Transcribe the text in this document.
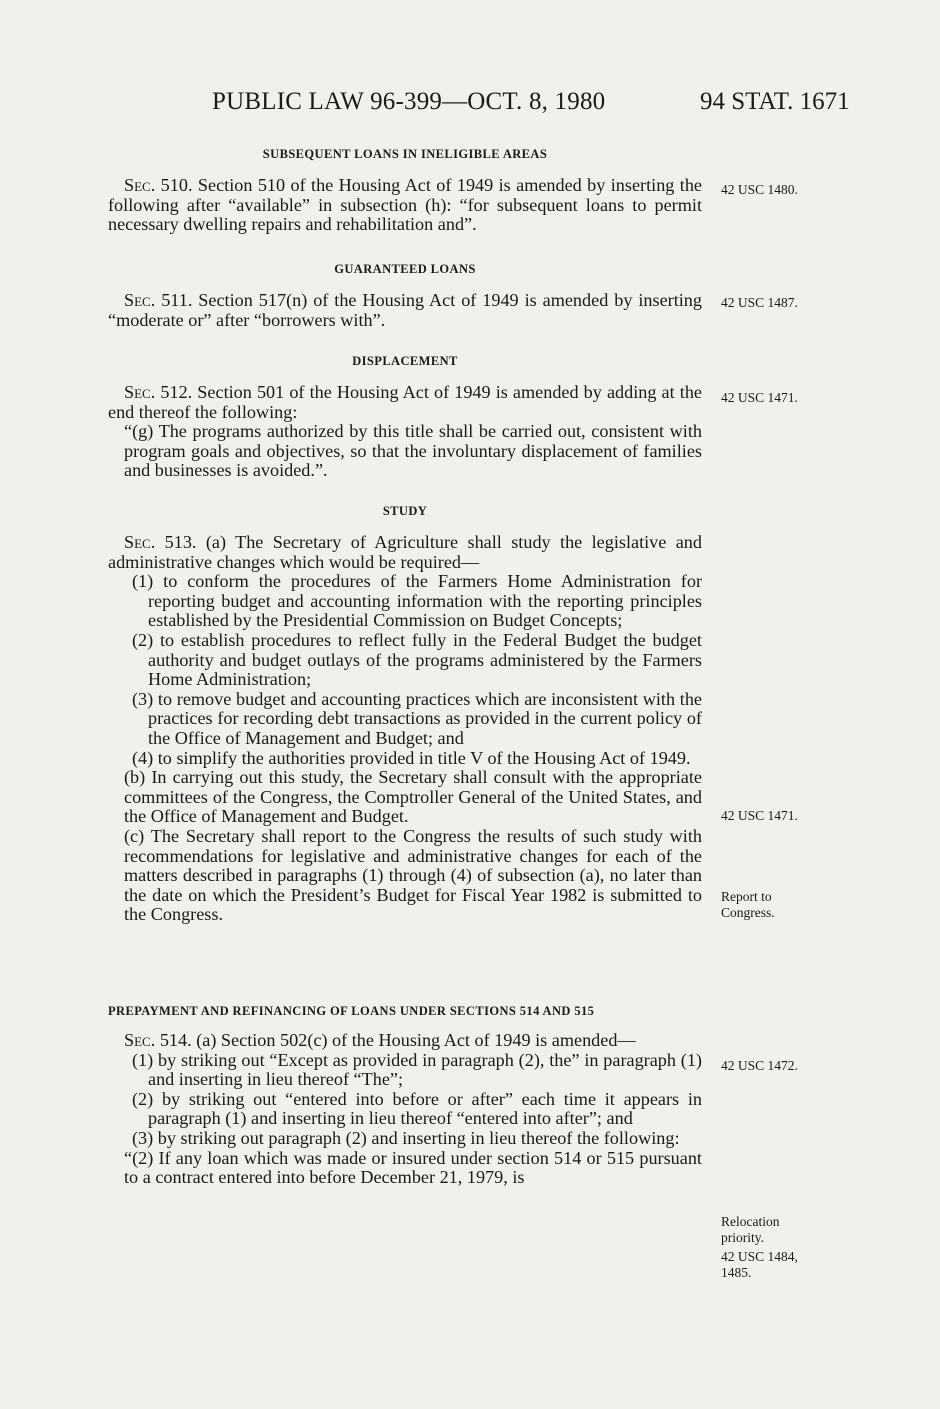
PUBLIC LAW 96-399—OCT. 8, 1980	94 STAT. 1671
SUBSEQUENT LOANS IN INELIGIBLE AREAS

Sec. 510. Section 510 of the Housing Act of 1949 is amended by inserting the following after “available” in subsection (h): “for subsequent loans to permit necessary dwelling repairs and rehabilitation and”.

GUARANTEED LOANS

Sec. 511. Section 517(n) of the Housing Act of 1949 is amended by inserting “moderate or” after “borrowers with”.

DISPLACEMENT

Sec. 512. Section 501 of the Housing Act of 1949 is amended by adding at the end thereof the following:

“(g) The programs authorized by this title shall be carried out, consistent with program goals and objectives, so that the involuntary displacement of families and businesses is avoided.”.

STUDY

Sec. 513. (a) The Secretary of Agriculture shall study the legislative and administrative changes which would be required—

(1) to conform the procedures of the Farmers Home Administration for reporting budget and accounting information with the reporting principles established by the Presidential Commission on Budget Concepts;

(2) to establish procedures to reflect fully in the Federal Budget the budget authority and budget outlays of the programs administered by the Farmers Home Administration;

(3) to remove budget and accounting practices which are inconsistent with the practices for recording debt transactions as provided in the current policy of the Office of Management and Budget; and

(4) to simplify the authorities provided in title V of the Housing Act of 1949.

(b) In carrying out this study, the Secretary shall consult with the appropriate committees of the Congress, the Comptroller General of the United States, and the Office of Management and Budget.

(c) The Secretary shall report to the Congress the results of such study with recommendations for legislative and administrative changes for each of the matters described in paragraphs (1) through (4) of subsection (a), no later than the date on which the President’s Budget for Fiscal Year 1982 is submitted to the Congress.

PREPAYMENT AND REFINANCING OF LOANS UNDER SECTIONS 514 AND 515

Sec. 514. (a) Section 502(c) of the Housing Act of 1949 is amended—

(1) by striking out “Except as provided in paragraph (2), the” in paragraph (1) and inserting in lieu thereof “The”;

(2) by striking out “entered into before or after” each time it appears in paragraph (1) and inserting in lieu thereof “entered into after”; and

(3) by striking out paragraph (2) and inserting in lieu thereof the following:

“(2) If any loan which was made or insured under section 514 or 515 pursuant to a contract entered into before December 21, 1979, is

42 USC 1480.
42 USC 1487.
42 USC 1471.
42 USC 1471.
Report to
Congress.
42 USC 1472.
Relocation
priority.
42 USC 1484,
1485.
